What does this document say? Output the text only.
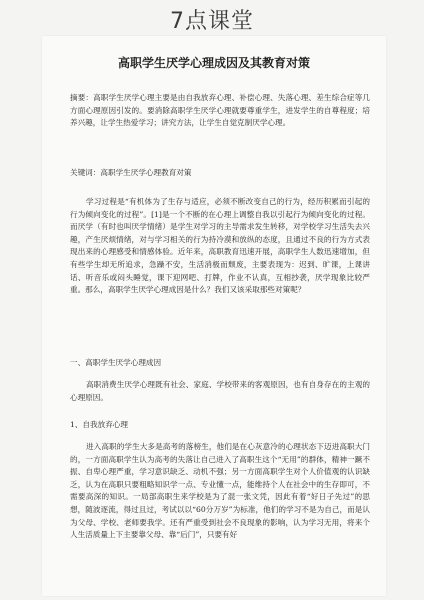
7点课堂
高职学生厌学心理成因及其教育对策

摘要：高职学生厌学心理主要是由自我放弃心理、补偿心理、失落心理、差生综合症等几方面心理原因引发的。要消除高职学生厌学心理就要尊重学生，进发学生的自尊程度；培养兴趣，让学生热爱学习；讲究方法，让学生自觉克制厌学心理。

关键词：高职学生厌学心理教育对策

学习过程是“有机体为了生存与适应，必须不断改变自己的行为，经历积累而引起的行为倾向变化的过程”。[1]是一个不断的在心理上调整自我以引起行为倾向变化的过程。而厌学（有时也叫厌学情绪）是学生对学习的主导需求发生转移，对学校学习生活失去兴趣，产生厌烦情绪，对与学习相关的行为持冷漠和放纵的态度，且通过不良的行为方式表现出来的心理感受和情感体验。近年来，高职教育迅速开展，高职学生人数迅速增加，但有些学生却无所追求，急躁不安，生活消极而颓废，主要表现为：迟到、旷课，上课讲话、听音乐或闷头睡觉，课下迎网吧、打牌，作业不认真，互相抄袭，厌学现象比较严重。那么，高职学生厌学心理成因是什么？我们又该采取那些对策呢？

一、高职学生厌学心理成因

高职消费生厌学心理既有社会、家庭、学校带来的客观原因，也有自身存在的主观的心理原因。

1、自我放弃心理

进入高职的学生大多是高考的落榜生，他们是在心灰意冷的心理状态下迈进高职大门的，一方面高职学生认为高考的失落让自己进入了高职生这个“无用”的群体，精神一蹶不振、自卑心理严重，学习意识缺乏、动机不强；另一方面高职学生对个人价值观的认识缺乏，认为在高职只要粗略知识学一点、专业懂一点，能维持个人在社会中的生存即可，不需要高深的知识。一局部高职生来学校是为了混一张文凭，因此有着“好日子先过”的思想，随波逐流，得过且过，考试以以“60分万岁”为标准，他们的学习不是为自己，而是认为父母、学校、老师要我学。还有严重受到社会不良现象的影响，认为学习无用，将来个人生活质量上下主要靠父母、靠“后门”，只要有好
